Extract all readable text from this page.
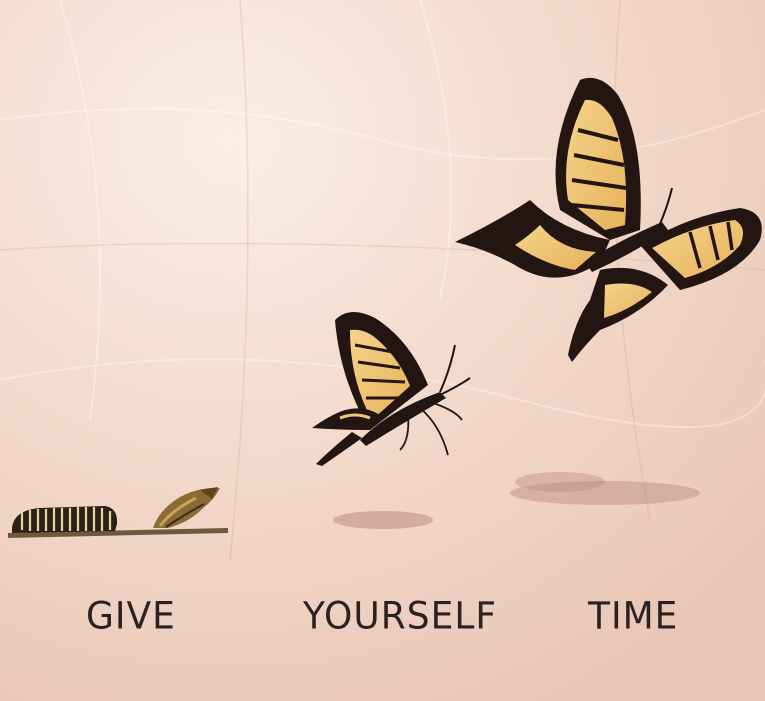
GIVE	YOURSELF	TIME
